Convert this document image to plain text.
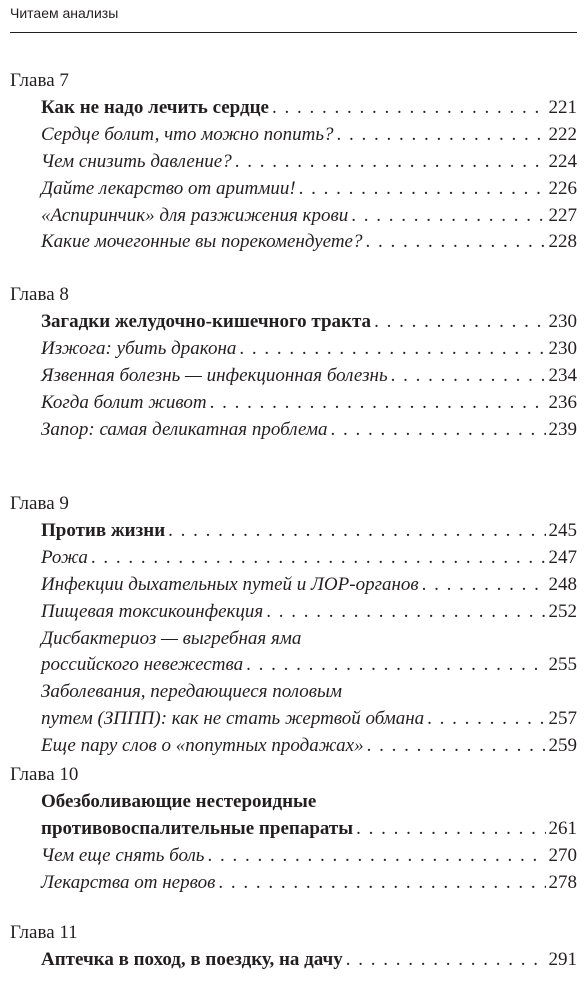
Читаем анализы
Глава 7
Как не надо лечить сердце . . .	221
Сердце болит, что можно попить? . . .	222
Чем снизить давление? . . .	224
Дайте лекарство от аритмии! . . .	226
«Аспиринчик» для разжижения крови . . .	227
Какие мочегонные вы порекомендуете? . . .	228
Глава 8
Загадки желудочно-кишечного тракта . . .	230
Изжога: убить дракона . . .	230
Язвенная болезнь — инфекционная болезнь . . .	234
Когда болит живот . . .	236
Запор: самая деликатная проблема . . .	239
Глава 9
Против жизни . . .	245
Рожа . . .	247
Инфекции дыхательных путей и ЛОР-органов . . .	248
Пищевая токсикоинфекция . . .	252
Дисбактериоз — выгребная яма
российского невежества . . .	255
Заболевания, передающиеся половым
путем (ЗППП): как не стать жертвой обмана . . .	257
Еще пару слов о «попутных продажах» . . .	259
Глава 10
Обезболивающие нестероидные
противовоспалительные препараты . . .	261
Чем еще снять боль . . .	270
Лекарства от нервов . . .	278
Глава 11
Аптечка в поход, в поездку, на дачу . . .	291
